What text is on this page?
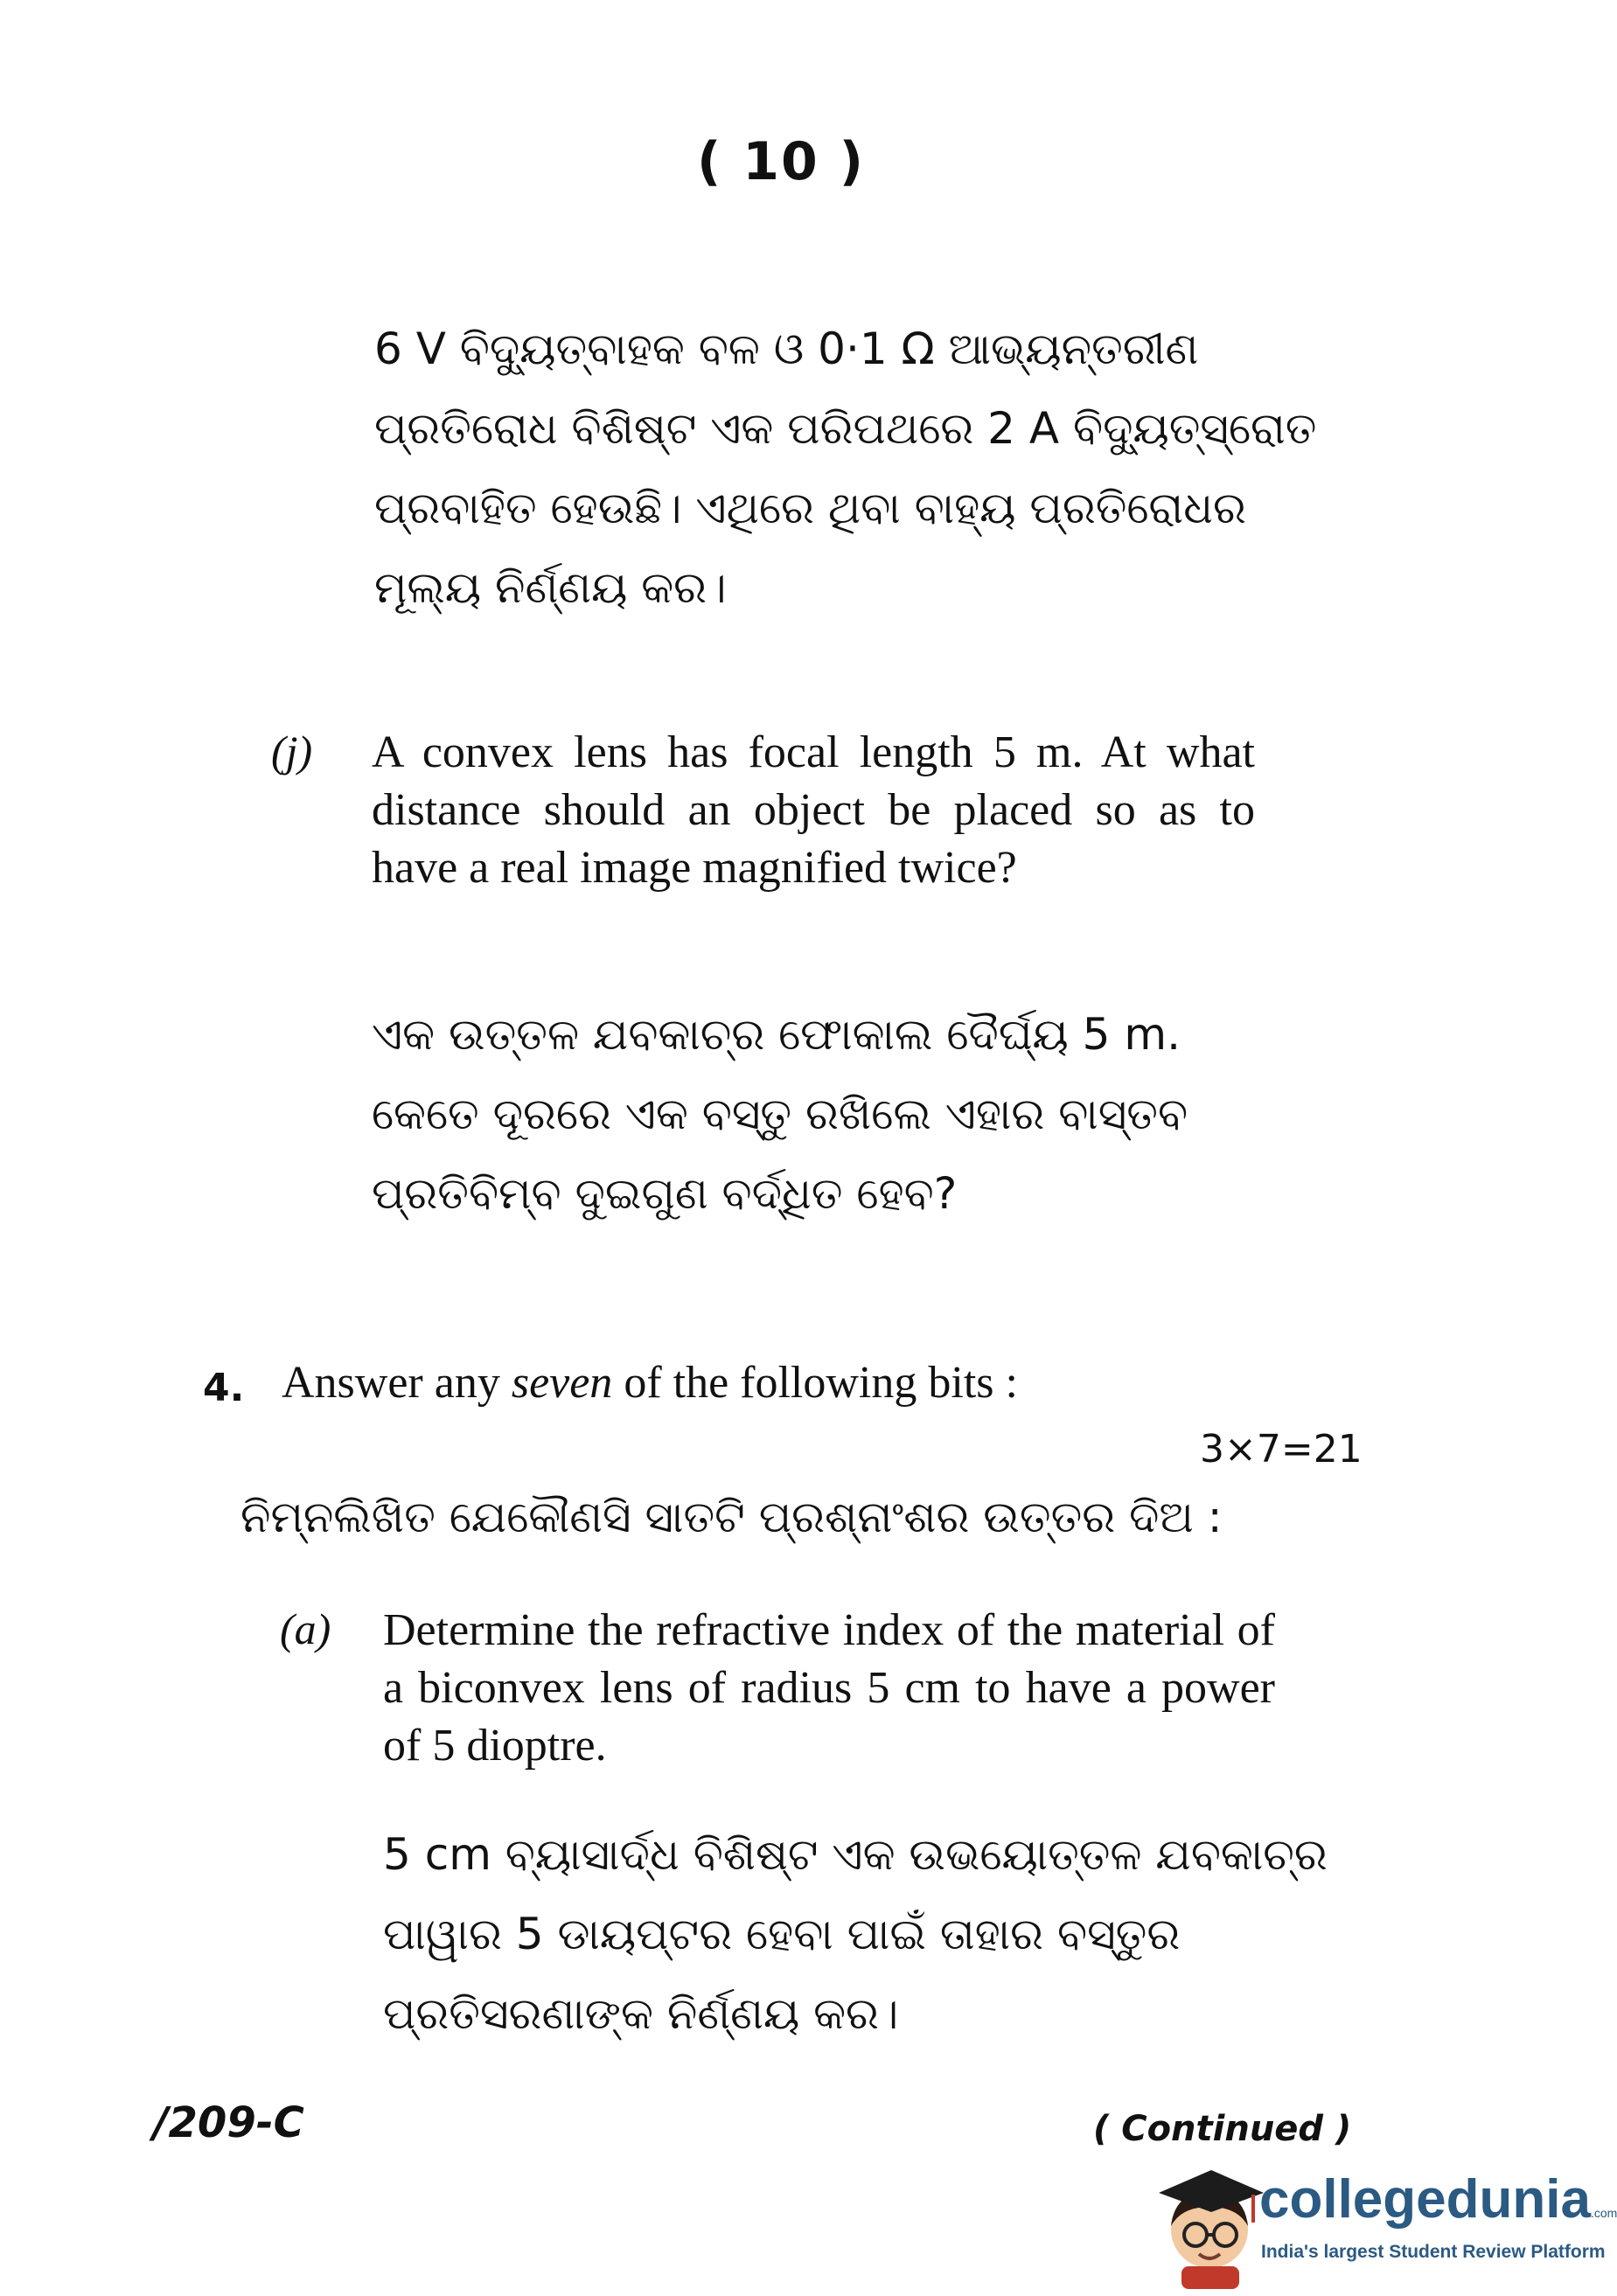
( 10 )
6 V ବିଦ୍ୟୁତ୍‌ବାହକ ବଳ ଓ 0·1 Ω ଆଭ୍ୟନ୍ତରୀଣ
ପ୍ରତିରୋଧ ବିଶିଷ୍ଟ ଏକ ପରିପଥରେ 2 A ବିଦ୍ୟୁତ୍‌ସ୍ରୋତ
ପ୍ରବାହିତ ହେଉଛି। ଏଥିରେ ଥିବା ବାହ୍ୟ ପ୍ରତିରୋଧର
ମୂଲ୍ୟ ନିର୍ଣ୍ଣୟ କର।
(j) A convex lens has focal length 5 m. At what distance should an object be placed so as to have a real image magnified twice?
ଏକ ଉତ୍ତଳ ଯବକାଚ୍‌ର ଫୋକାଲ ଦୈର୍ଘ୍ୟ 5 m.
କେତେ ଦୂରରେ ଏକ ବସ୍ତୁ ରଖିଲେ ଏହାର ବାସ୍ତବ
ପ୍ରତିବିମ୍ବ ଦୁଇଗୁଣ ବର୍ଦ୍ଧିତ ହେବ?
4. Answer any seven of the following bits :
3×7=21
ନିମ୍ନଲିଖିତ ଯେକୌଣସି ସାତଟି ପ୍ରଶ୍ନାଂଶର ଉତ୍ତର ଦିଅ :
(a) Determine the refractive index of the material of a biconvex lens of radius 5 cm to have a power of 5 dioptre.
5 cm ବ୍ୟାସାର୍ଦ୍ଧ ବିଶିଷ୍ଟ ଏକ ଉଭୟୋତ୍ତଳ ଯବକାଚ୍‌ର
ପାୱାର 5 ଡାୟପ୍ଟର ହେବା ପାଇଁ ତାହାର ବସ୍ତୁର
ପ୍ରତିସରଣାଙ୍କ ନିର୍ଣ୍ଣୟ କର।
/209-C	( Continued )
collegedunia.com
India's largest Student Review Platform
